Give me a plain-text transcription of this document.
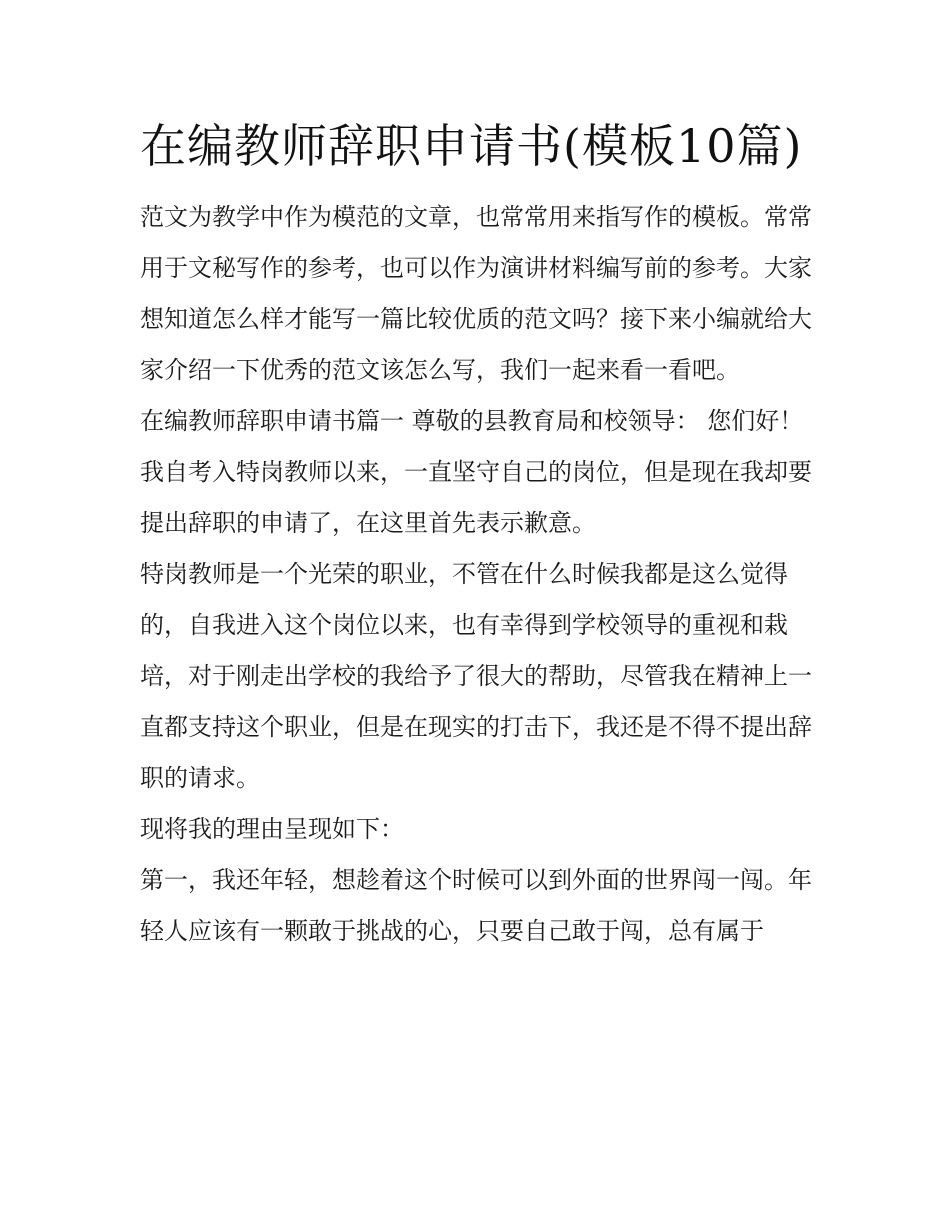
在编教师辞职申请书(模板10篇)

范文为教学中作为模范的文章，也常常用来指写作的模板。常常用于文秘写作的参考，也可以作为演讲材料编写前的参考。大家想知道怎么样才能写一篇比较优质的范文吗？接下来小编就给大家介绍一下优秀的范文该怎么写，我们一起来看一看吧。

在编教师辞职申请书篇一 尊敬的县教育局和校领导： 您们好！ 我自考入特岗教师以来，一直坚守自己的岗位，但是现在我却要提出辞职的申请了，在这里首先表示歉意。

特岗教师是一个光荣的职业，不管在什么时候我都是这么觉得的，自我进入这个岗位以来，也有幸得到学校领导的重视和栽培，对于刚走出学校的我给予了很大的帮助，尽管我在精神上一直都支持这个职业，但是在现实的打击下，我还是不得不提出辞职的请求。

现将我的理由呈现如下：

第一，我还年轻，想趁着这个时候可以到外面的世界闯一闯。年轻人应该有一颗敢于挑战的心，只要自己敢于闯，总有属于
